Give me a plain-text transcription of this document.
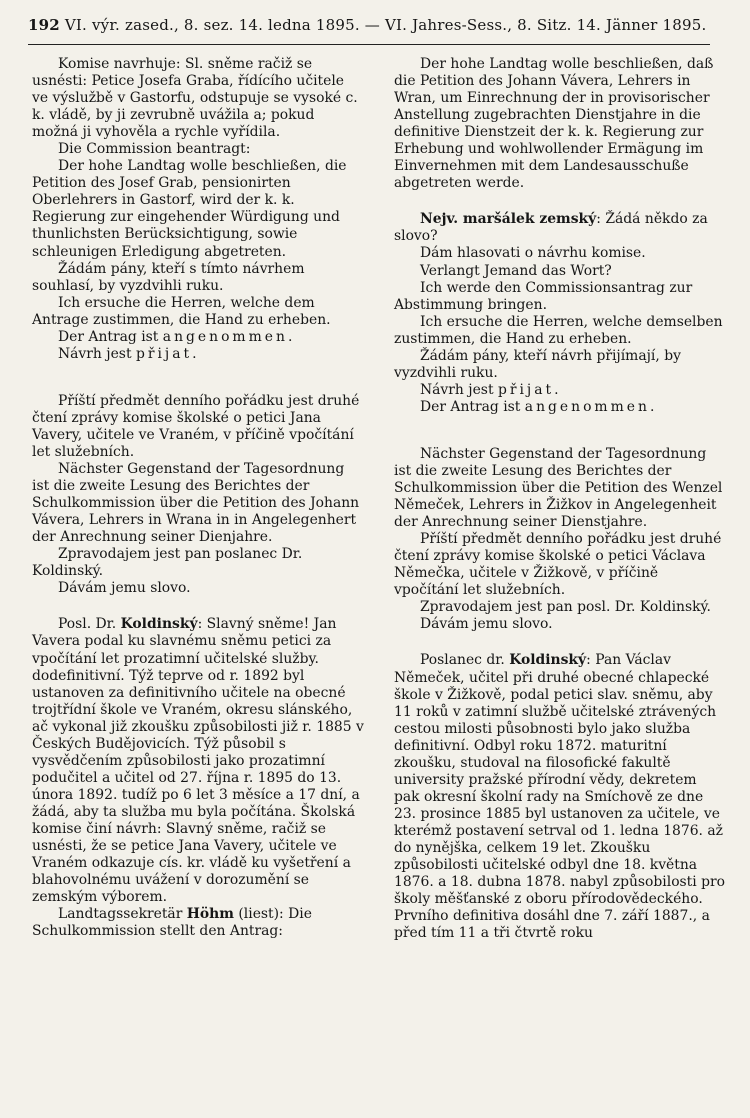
192 VI. výr. zased., 8. sez. 14. ledna 1895. — VI. Jahres-Sess., 8. Sitz. 14. Jänner 1895.

Komise navrhuje: Sl. sněme račiž se usnésti: Petice Josefa Graba, řídícího učitele ve výslužbě v Gastorfu, odstupuje se vysoké c. k. vládě, by ji zevrubně uvážila a; pokud možná ji vyhověla a rychle vyřídila.

Die Commission beantragt:

Der hohe Landtag wolle beschließen, die Petition des Josef Grab, pensionirten Oberlehrers in Gastorf, wird der k. k. Regierung zur eingehender Würdigung und thunlichsten Berücksichtigung, sowie schleunigen Erledigung abgetreten.

Žádám pány, kteří s tímto návrhem souhlasí, by vyzdvihli ruku.

Ich ersuche die Herren, welche dem Antrage zustimmen, die Hand zu erheben.

Der Antrag ist angenommen.

Návrh jest přijat.

Příští předmět denního pořádku jest druhé čtení zprávy komise školské o petici Jana Vavery, učitele ve Vraném, v příčině vpočítání let služebních.

Nächster Gegenstand der Tagesordnung ist die zweite Lesung des Berichtes der Schulkommission über die Petition des Johann Vávera, Lehrers in Wrana in in Angelegenhert der Anrechnung seiner Dienjahre.

Zpravodajem jest pan poslanec Dr. Koldinský.

Dávám jemu slovo.

Posl. Dr. Koldinský: Slavný sněme! Jan Vavera podal ku slavnému sněmu petici za vpočítání let prozatimní učitelské služby. dodefinitivní. Týž teprve od r. 1892 byl ustanoven za definitivního učitele na obecné trojtřídní škole ve Vraném, okresu slánského, ač vykonal již zkoušku způsobilosti již r. 1885 v Českých Budějovicích. Týž působil s vysvědčením způsobilosti jako prozatimní podučitel a učitel od 27. října r. 1895 do 13. února 1892. tudíž po 6 let 3 měsíce a 17 dní, a žádá, aby ta služba mu byla počítána. Školská komise činí návrh: Slavný sněme, račiž se usnésti, že se petice Jana Vavery, učitele ve Vraném odkazuje cís. kr. vládě ku vyšetření a blahovolnému uvážení v dorozumění se zemským výborem.

Landtagssekretär Höhm (liest): Die Schulkommission stellt den Antrag:

Der hohe Landtag wolle beschließen, daß die Petition des Johann Vávera, Lehrers in Wran, um Einrechnung der in provisorischer Anstellung zugebrachten Dienstjahre in die definitive Dienstzeit der k. k. Regierung zur Erhebung und wohlwollender Ermägung im Einvernehmen mit dem Landesausschuße abgetreten werde.

Nejv. maršálek zemský: Žádá někdo za slovo?

Dám hlasovati o návrhu komise.

Verlangt Jemand das Wort?

Ich werde den Commissionsantrag zur Abstimmung bringen.

Ich ersuche die Herren, welche demselben zustimmen, die Hand zu erheben.

Žádám pány, kteří návrh přijímají, by vyzdvihli ruku.

Návrh jest přijat.

Der Antrag ist angenommen.

Nächster Gegenstand der Tagesordnung ist die zweite Lesung des Berichtes der Schulkommission über die Petition des Wenzel Němeček, Lehrers in Žižkov in Angelegenheit der Anrechnung seiner Dienstjahre.

Příští předmět denního pořádku jest druhé čtení zprávy komise školské o petici Václava Němečka, učitele v Žižkově, v příčině vpočítání let služebních.

Zpravodajem jest pan posl. Dr. Koldinský.

Dávám jemu slovo.

Poslanec dr. Koldinský: Pan Václav Němeček, učitel při druhé obecné chlapecké škole v Žižkově, podal petici slav. sněmu, aby 11 roků v zatimní službě učitelské ztrávených cestou milosti působnosti bylo jako služba definitivní. Odbyl roku 1872. maturitní zkoušku, studoval na filosofické fakultě university pražské přírodní vědy, dekretem pak okresní školní rady na Smíchově ze dne 23. prosince 1885 byl ustanoven za učitele, ve kterémž postavení setrval od 1. ledna 1876. až do nynějška, celkem 19 let. Zkoušku způsobilosti učitelské odbyl dne 18. května 1876. a 18. dubna 1878. nabyl způsobilosti pro školy měšťanské z oboru přírodovědeckého. Prvního definitiva dosáhl dne 7. září 1887., a před tím 11 a tři čtvrtě roku
